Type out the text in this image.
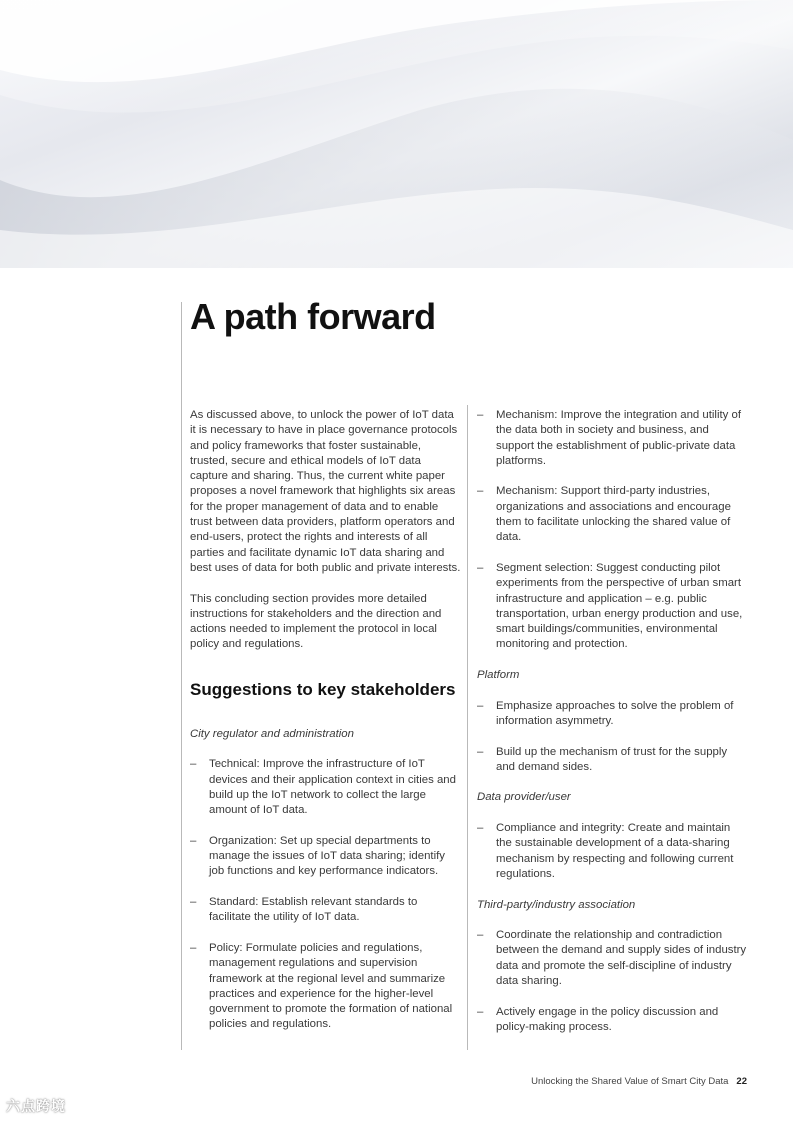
A path forward

As discussed above, to unlock the power of IoT data it is necessary to have in place governance protocols and policy frameworks that foster sustainable, trusted, secure and ethical models of IoT data capture and sharing. Thus, the current white paper proposes a novel framework that highlights six areas for the proper management of data and to enable trust between data providers, platform operators and end-users, protect the rights and interests of all parties and facilitate dynamic IoT data sharing and best uses of data for both public and private interests.

This concluding section provides more detailed instructions for stakeholders and the direction and actions needed to implement the protocol in local policy and regulations.

Suggestions to key stakeholders
City regulator and administration
– Technical: Improve the infrastructure of IoT devices and their application context in cities and build up the IoT network to collect the large amount of IoT data.
– Organization: Set up special departments to manage the issues of IoT data sharing; identify job functions and key performance indicators.
– Standard: Establish relevant standards to facilitate the utility of IoT data.
– Policy: Formulate policies and regulations, management regulations and supervision framework at the regional level and summarize practices and experience for the higher-level government to promote the formation of national policies and regulations.
– Mechanism: Improve the integration and utility of the data both in society and business, and support the establishment of public-private data platforms.
– Mechanism: Support third-party industries, organizations and associations and encourage them to facilitate unlocking the shared value of data.
– Segment selection: Suggest conducting pilot experiments from the perspective of urban smart infrastructure and application – e.g. public transportation, urban energy production and use, smart buildings/communities, environmental monitoring and protection.
Platform
– Emphasize approaches to solve the problem of information asymmetry.
– Build up the mechanism of trust for the supply and demand sides.
Data provider/user
– Compliance and integrity: Create and maintain the sustainable development of a data-sharing mechanism by respecting and following current regulations.
Third-party/industry association
– Coordinate the relationship and contradiction between the demand and supply sides of industry data and promote the self-discipline of industry data sharing.
– Actively engage in the policy discussion and policy-making process.
Unlocking the Shared Value of Smart City Data 22
六点跨境
